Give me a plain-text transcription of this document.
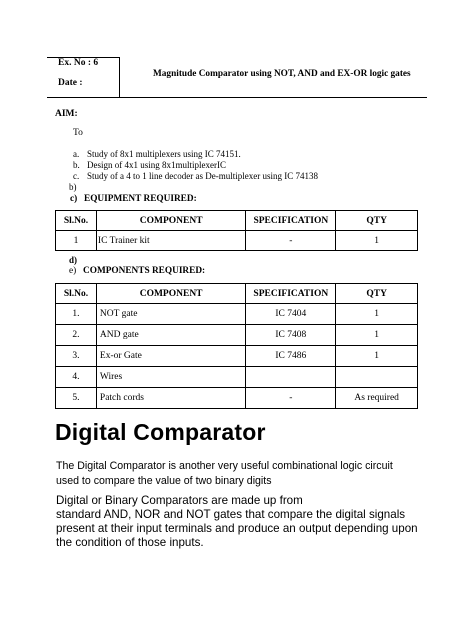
Ex. No : 6
Date :
Magnitude Comparator using NOT, AND and EX-OR logic gates
AIM:
To
a. Study of 8x1 multiplexers using IC 74151.
b. Design of 4x1 using 8x1multiplexerIC
c. Study of a 4 to 1 line decoder as De-multiplexer using IC 74138
b)
c) EQUIPMENT REQUIRED:
Sl.No.	COMPONENT	SPECIFICATION	QTY
1	IC Trainer kit	-	1
d)
e) COMPONENTS REQUIRED:
Sl.No.	COMPONENT	SPECIFICATION	QTY
1.	NOT gate	IC 7404	1
2.	AND gate	IC 7408	1
3.	Ex-or Gate	IC 7486	1
4.	Wires		
5.	Patch cords	-	As required
Digital Comparator
The Digital Comparator is another very useful combinational logic circuit used to compare the value of two binary digits
Digital or Binary Comparators are made up from
standard AND, NOR and NOT gates that compare the digital signals present at their input terminals and produce an output depending upon the condition of those inputs.
